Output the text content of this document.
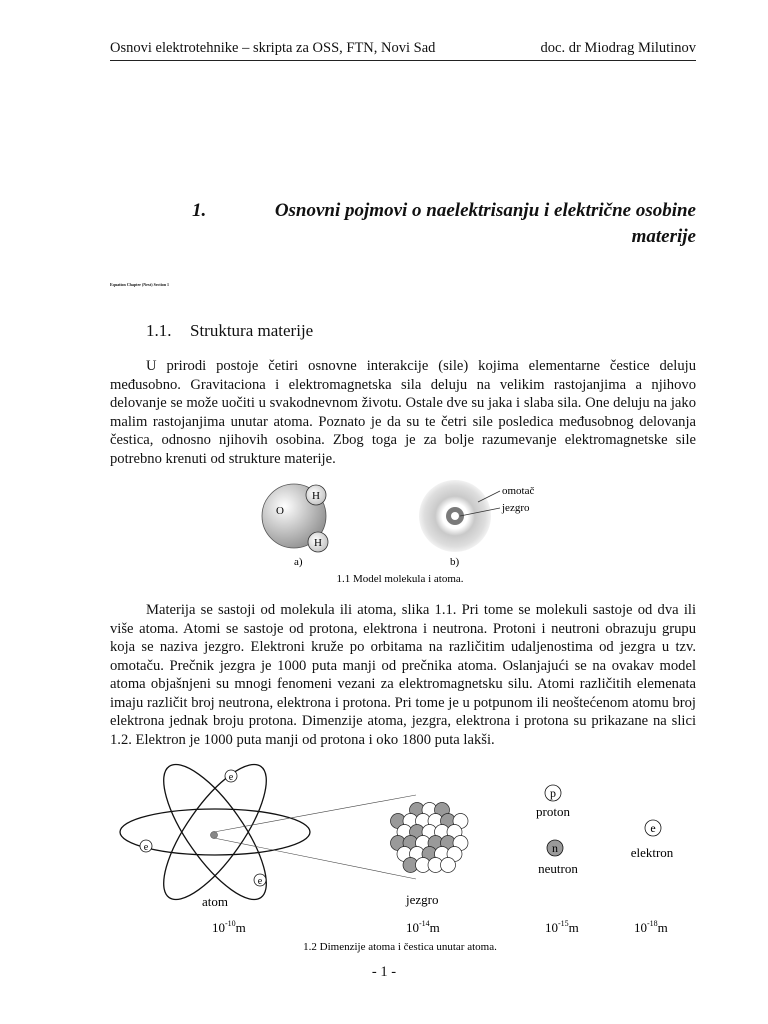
Osnovi elektrotehnike – skripta za OSS, FTN, Novi Sad	doc. dr Miodrag Milutinov
1.	Osnovni pojmovi o naelektrisanju i električne osobine
materije
Equation Chapter (Next) Section 1
1.1. Struktura materije

U prirodi postoje četiri osnovne interakcije (sile) kojima elementarne čestice deluju međusobno. Gravitaciona i elektromagnetska sila deluju na velikim rastojanjima a njihovo delovanje se može uočiti u svakodnevnom životu. Ostale dve su jaka i slaba sila. One deluju na jako malim rastojanjima unutar atoma. Poznato je da su te četri sile posledica međusobnog delovanja čestica, odnosno njihovih osobina. Zbog toga je za bolje razumevanje elektromagnetske sile potrebno krenuti od strukture materije.

O
H
H
a)
omotač
jezgro
b)
1.1 Model molekula i atoma.

Materija se sastoji od molekula ili atoma, slika 1.1. Pri tome se molekuli sastoje od dva ili više atoma. Atomi se sastoje od protona, elektrona i neutrona. Protoni i neutroni obrazuju grupu koja se naziva jezgro. Elektroni kruže po orbitama na različitim udaljenostima od jezgra u tzv. omotaču. Prečnik jezgra je 1000 puta manji od prečnika atoma. Oslanjajući se na ovakav model atoma objašnjeni su mnogi fenomeni vezani za elektromagnetsku silu. Atomi različitih elemenata imaju različit broj neutrona, elektrona i protona. Pri tome je u potpunom ili neoštećenom atomu broj elektrona jednak broju protona. Dimenzije atoma, jezgra, elektrona i protona su prikazane na slici 1.2. Elektron je 1000 puta manji od protona i oko 1800 puta lakši.

e
e
e
atom	jezgro
p
proton
n
neutron
e
elektron
$10^{-10}m$	$10^{-14}m$	$10^{-15}m$	$10^{-18}m$
1.2 Dimenzije atoma i čestica unutar atoma.
- 1 -
